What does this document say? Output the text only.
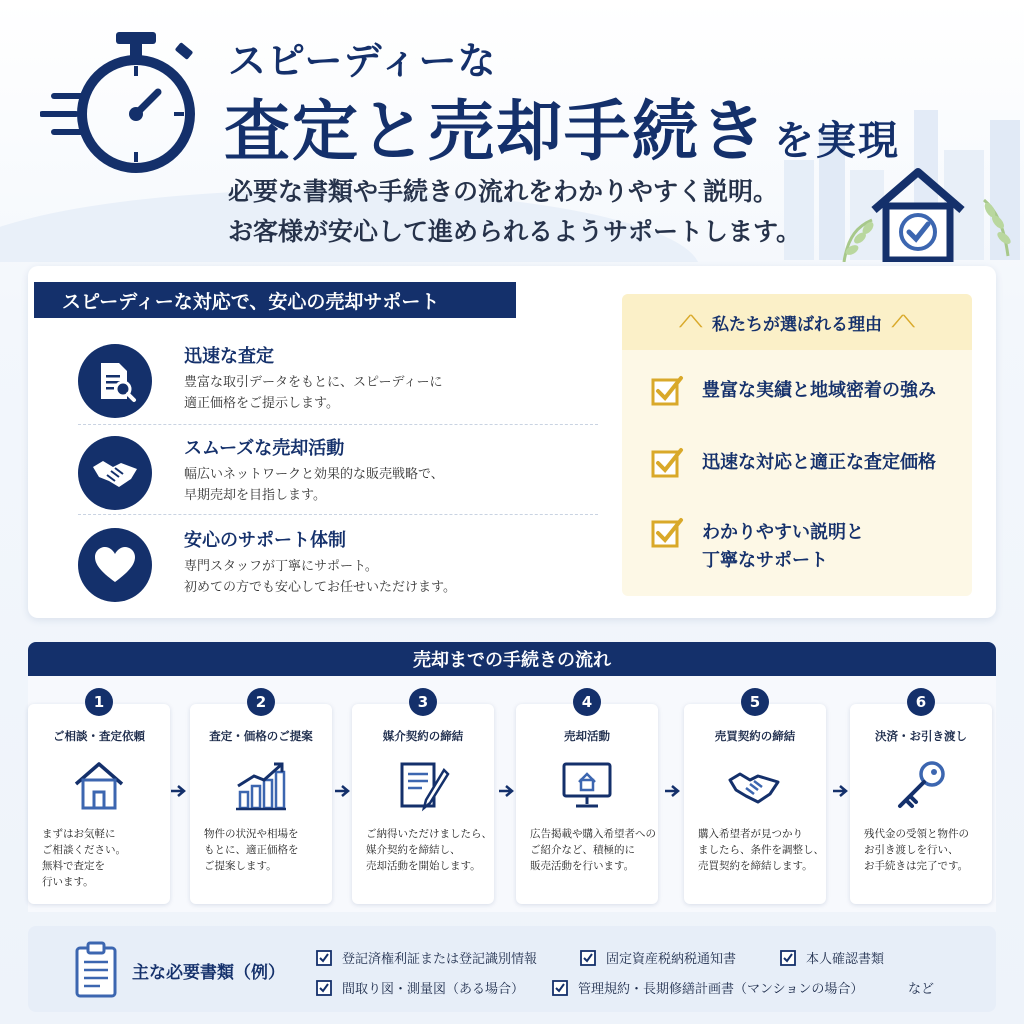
スピーディーな
査定と売却手続き を実現
必要な書類や手続きの流れをわかりやすく説明。
お客様が安心して進められるようサポートします。
スピーディーな対応で、安心の売却サポート
迅速な査定
豊富な取引データをもとに、スピーディーに
適正価格をご提示します。
スムーズな売却活動
幅広いネットワークと効果的な販売戦略で、
早期売却を目指します。
安心のサポート体制
専門スタッフが丁寧にサポート。
初めての方でも安心してお任せいただけます。
⟋⟍ 私たちが選ばれる理由 ⟋⟍
豊富な実績と地域密着の強み
迅速な対応と適正な査定価格
わかりやすい説明と
丁寧なサポート
売却までの手続きの流れ
1
ご相談・査定依頼
まずはお気軽に
ご相談ください。
無料で査定を
行います。
2
査定・価格のご提案
物件の状況や相場を
もとに、適正価格を
ご提案します。
3
媒介契約の締結
ご納得いただけましたら、
媒介契約を締結し、
売却活動を開始します。
4
売却活動
広告掲載や購入希望者への
ご紹介など、積極的に
販売活動を行います。
5
売買契約の締結
購入希望者が見つかり
ましたら、条件を調整し、
売買契約を締結します。
6
決済・お引き渡し
残代金の受領と物件の
お引き渡しを行い、
お手続きは完了です。
主な必要書類（例）
登記済権利証または登記識別情報	固定資産税納税通知書	本人確認書類
間取り図・測量図（ある場合）	管理規約・長期修繕計画書（マンションの場合）	など
